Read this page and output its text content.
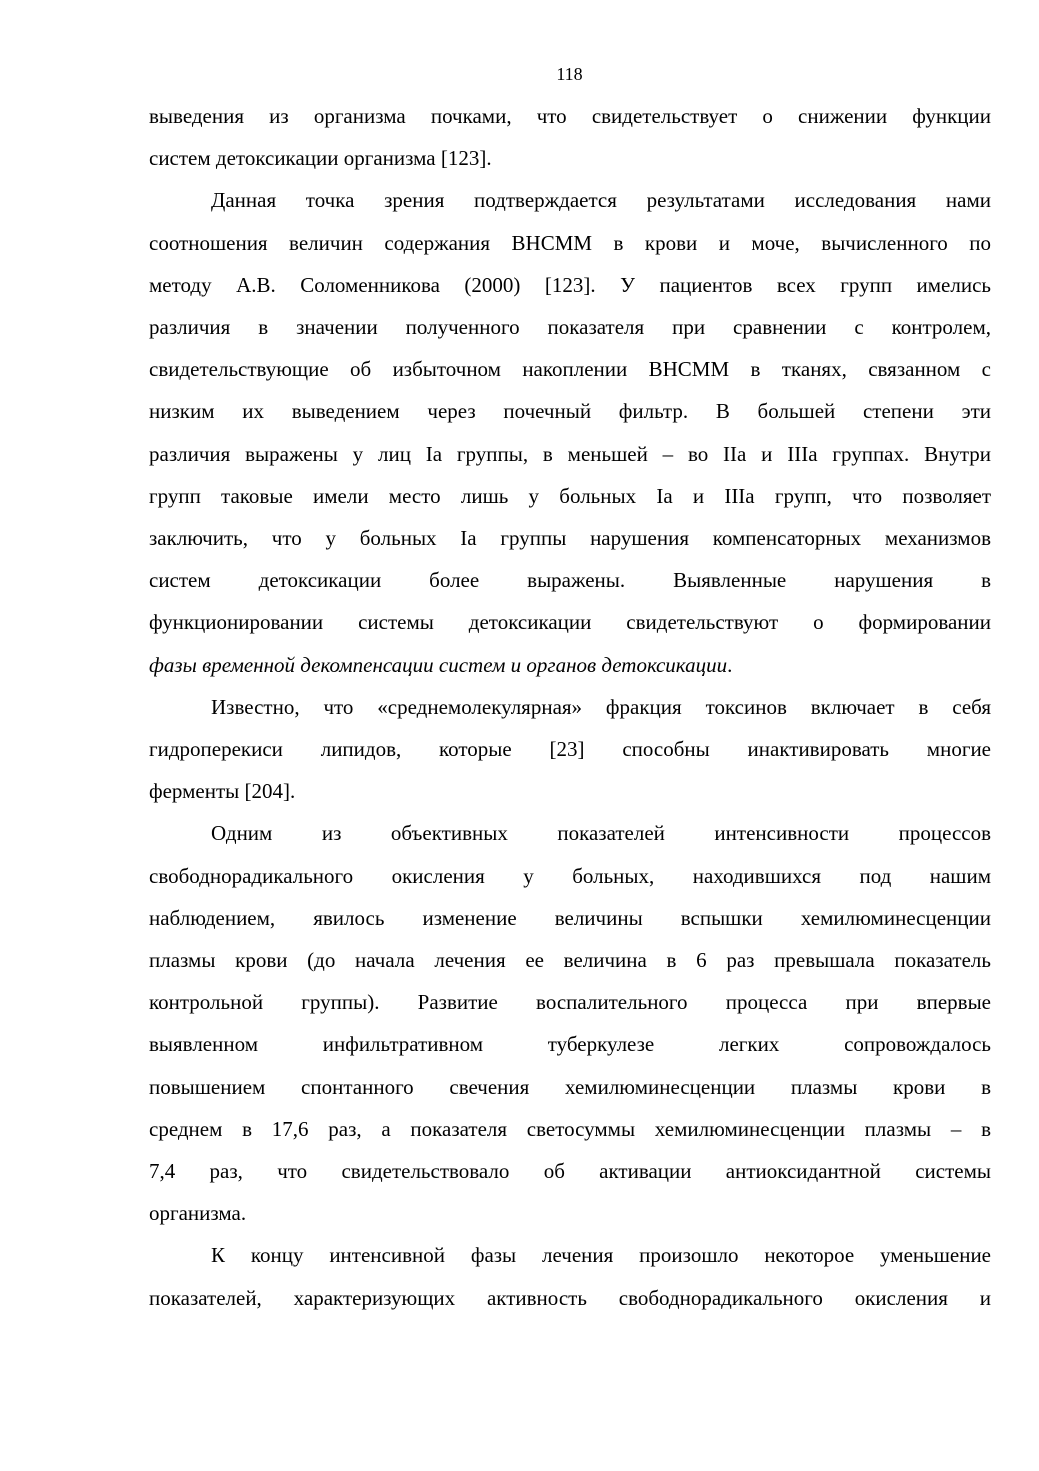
118

выведения из организма почками, что свидетельствует о снижении функции
систем детоксикации организма [123].

Данная точка зрения подтверждается результатами исследования нами
соотношения величин содержания ВНСММ в крови и моче, вычисленного по
методу А.В. Соломенникова (2000) [123]. У пациентов всех групп имелись
различия в значении полученного показателя при сравнении с контролем,
свидетельствующие об избыточном накоплении ВНСММ в тканях, связанном с
низким их выведением через почечный фильтр. В большей степени эти
различия выражены у лиц Iа группы, в меньшей – во IIа и IIIа группах. Внутри
групп таковые имели место лишь у больных Iа и IIIа групп, что позволяет
заключить, что у больных Iа группы нарушения компенсаторных механизмов
систем детоксикации более выражены. Выявленные нарушения в
функционировании системы детоксикации свидетельствуют о формировании
фазы временной декомпенсации систем и органов детоксикации.

Известно, что «среднемолекулярная» фракция токсинов включает в себя
гидроперекиси липидов, которые [23] способны инактивировать многие
ферменты [204].

Одним из объективных показателей интенсивности процессов
свободнорадикального окисления у больных, находившихся под нашим
наблюдением, явилось изменение величины вспышки хемилюминесценции
плазмы крови (до начала лечения ее величина в 6 раз превышала показатель
контрольной группы). Развитие воспалительного процесса при впервые
выявленном инфильтративном туберкулезе легких сопровождалось
повышением спонтанного свечения хемилюминесценции плазмы крови в
среднем в 17,6 раз, а показателя светосуммы хемилюминесценции плазмы – в
7,4 раз, что свидетельствовало об активации антиоксидантной системы
организма.

К концу интенсивной фазы лечения произошло некоторое уменьшение
показателей, характеризующих активность свободнорадикального окисления и
